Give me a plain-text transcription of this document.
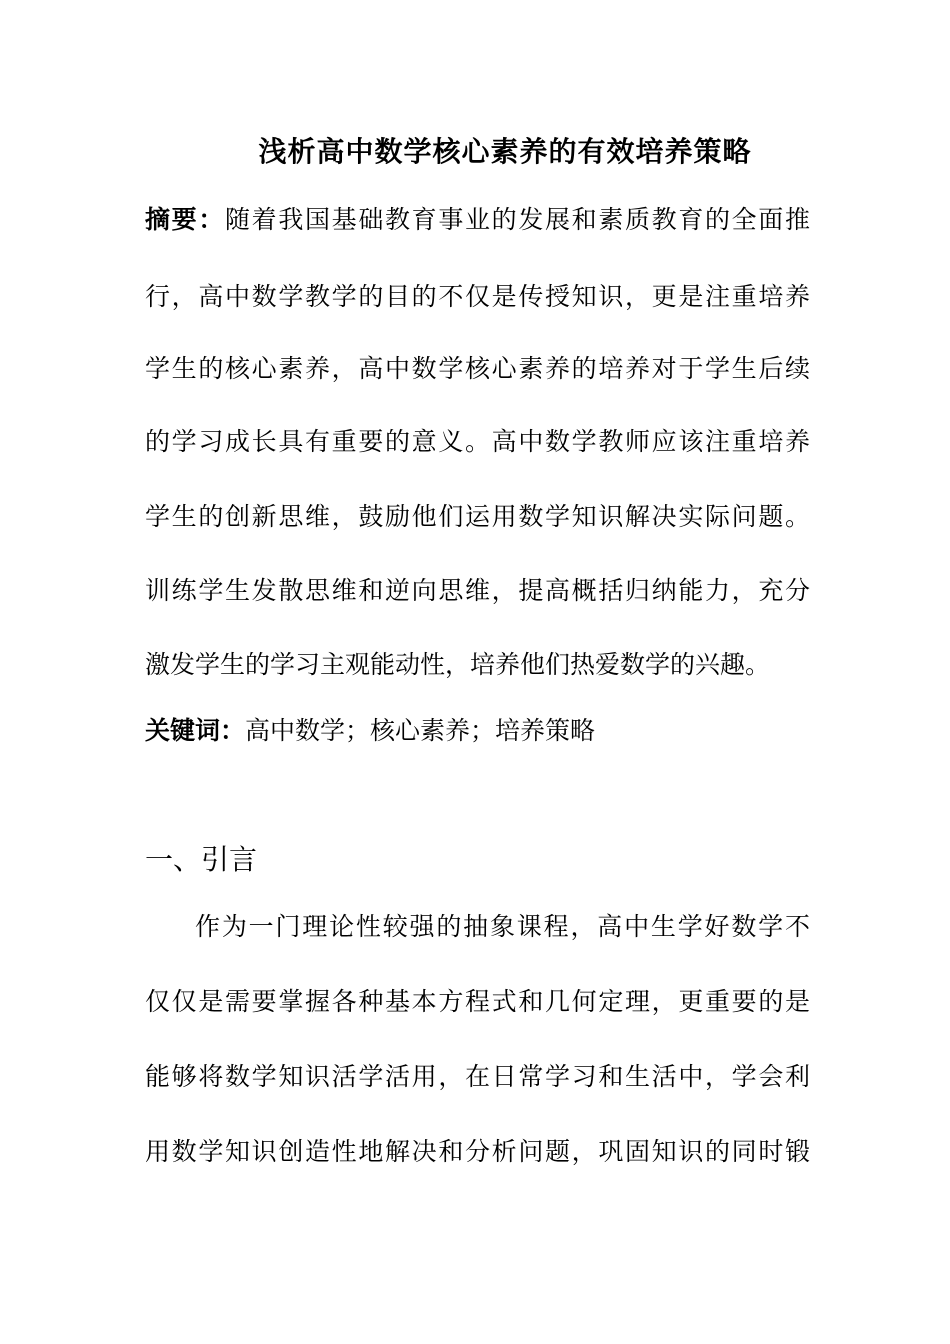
浅析高中数学核心素养的有效培养策略
摘要：随着我国基础教育事业的发展和素质教育的全面推
行，高中数学教学的目的不仅是传授知识，更是注重培养
学生的核心素养，高中数学核心素养的培养对于学生后续
的学习成长具有重要的意义。高中数学教师应该注重培养
学生的创新思维，鼓励他们运用数学知识解决实际问题。
训练学生发散思维和逆向思维，提高概括归纳能力，充分
激发学生的学习主观能动性，培养他们热爱数学的兴趣。
关键词：高中数学；核心素养；培养策略
一、引言
作为一门理论性较强的抽象课程，高中生学好数学不
仅仅是需要掌握各种基本方程式和几何定理，更重要的是
能够将数学知识活学活用，在日常学习和生活中，学会利
用数学知识创造性地解决和分析问题，巩固知识的同时锻
